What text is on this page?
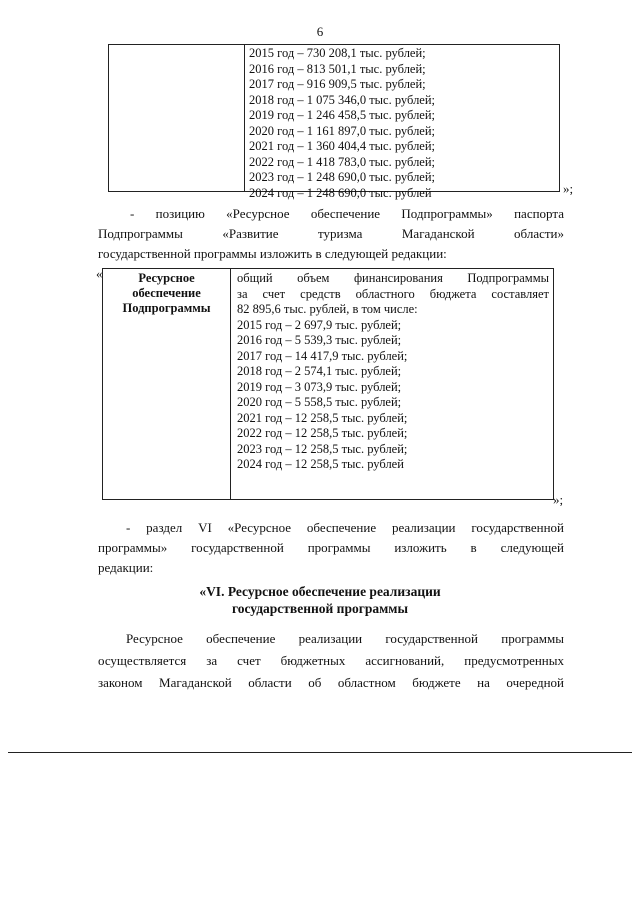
6
2015 год – 730 208,1 тыс. рублей;
2016 год – 813 501,1 тыс. рублей;
2017 год – 916 909,5 тыс. рублей;
2018 год – 1 075 346,0 тыс. рублей;
2019 год – 1 246 458,5 тыс. рублей;
2020 год – 1 161 897,0 тыс. рублей;
2021 год – 1 360 404,4 тыс. рублей;
2022 год – 1 418 783,0 тыс. рублей;
2023 год – 1 248 690,0 тыс. рублей;
2024 год – 1 248 690,0 тыс. рублей	»;
- позицию «Ресурсное обеспечение Подпрограммы» паспорта
Подпрограммы «Развитие туризма Магаданской области»
государственной программы изложить в следующей редакции:
«	Ресурсное
обеспечение
Подпрограммы
общий объем финансирования Подпрограммы
за счет средств областного бюджета составляет
82 895,6 тыс. рублей, в том числе:
2015 год – 2 697,9 тыс. рублей;
2016 год – 5 539,3 тыс. рублей;
2017 год – 14 417,9 тыс. рублей;
2018 год – 2 574,1 тыс. рублей;
2019 год – 3 073,9 тыс. рублей;
2020 год – 5 558,5 тыс. рублей;
2021 год – 12 258,5 тыс. рублей;
2022 год – 12 258,5 тыс. рублей;
2023 год – 12 258,5 тыс. рублей;
2024 год – 12 258,5 тыс. рублей
»;
- раздел VI «Ресурсное обеспечение реализации государственной
программы» государственной программы изложить в следующей
редакции:
«VI. Ресурсное обеспечение реализации
государственной программы
Ресурсное обеспечение реализации государственной программы
осуществляется за счет бюджетных ассигнований, предусмотренных
законом Магаданской области об областном бюджете на очередной
